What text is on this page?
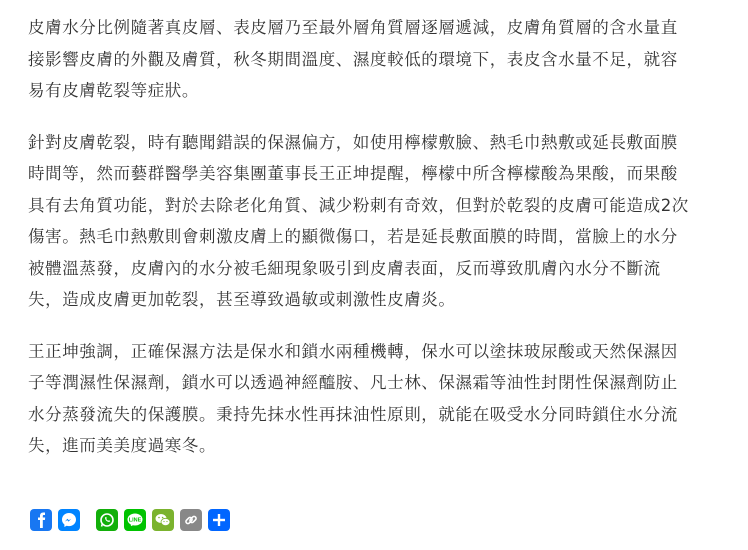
皮膚水分比例隨著真皮層、表皮層乃至最外層角質層逐層遞減，皮膚角質層的含水量直
接影響皮膚的外觀及膚質，秋冬期間溫度、濕度較低的環境下，表皮含水量不足，就容
易有皮膚乾裂等症狀。

針對皮膚乾裂，時有聽聞錯誤的保濕偏方，如使用檸檬敷臉、熱毛巾熱敷或延長敷面膜
時間等，然而藝群醫學美容集團董事長王正坤提醒，檸檬中所含檸檬酸為果酸，而果酸
具有去角質功能，對於去除老化角質、減少粉刺有奇效，但對於乾裂的皮膚可能造成2次
傷害。熱毛巾熱敷則會刺激皮膚上的顯微傷口，若是延長敷面膜的時間，當臉上的水分
被體溫蒸發，皮膚內的水分被毛細現象吸引到皮膚表面，反而導致肌膚內水分不斷流
失，造成皮膚更加乾裂，甚至導致過敏或刺激性皮膚炎。

王正坤強調，正確保濕方法是保水和鎖水兩種機轉，保水可以塗抹玻尿酸或天然保濕因
子等潤濕性保濕劑，鎖水可以透過神經醯胺、凡士林、保濕霜等油性封閉性保濕劑防止
水分蒸發流失的保護膜。秉持先抹水性再抹油性原則，就能在吸受水分同時鎖住水分流
失，進而美美度過寒冬。

LINE
